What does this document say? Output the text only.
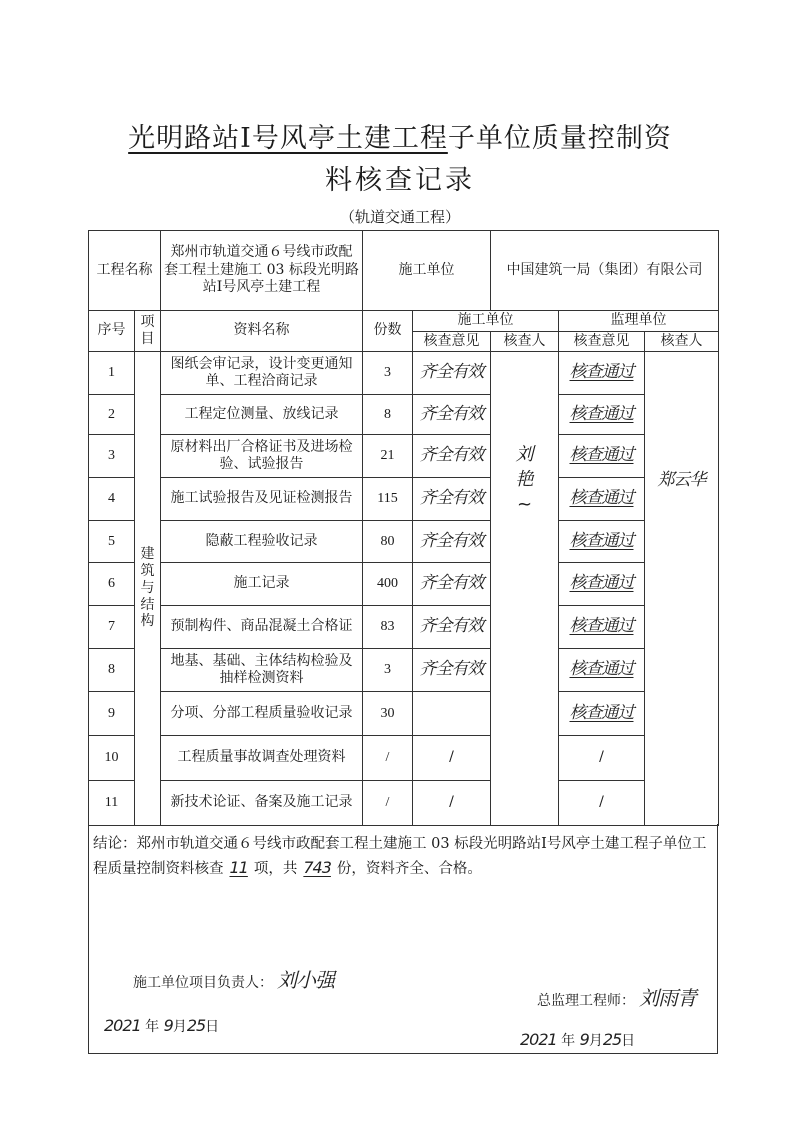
光明路站Ⅰ号风亭土建工程子单位质量控制资
料核查记录
（轨道交通工程）
工程名称		郑州市轨道交通６号线市政配套工程土建施工 03 标段光明路站Ⅰ号风亭土建工程	施工单位		中国建筑一局（集团）有限公司		
序号	项目	资料名称	份数	施工单位		监理单位	
				核查意见	核查人	核查意见	核查人
1	建筑与结构	图纸会审记录，设计变更通知单、工程洽商记录	3	齐全有效	刘 艳 ~	核查通过	郑云华
2		工程定位测量、放线记录	8	齐全有效		核查通过	
3		原材料出厂合格证书及进场检验、试验报告	21	齐全有效		核查通过	
4		施工试验报告及见证检测报告	115	齐全有效		核查通过	
5		隐蔽工程验收记录	80	齐全有效		核查通过	
6		施工记录	400	齐全有效		核查通过	
7		预制构件、商品混凝土合格证	83	齐全有效		核查通过	
8		地基、基础、主体结构检验及抽样检测资料	3	齐全有效		核查通过	
9		分项、分部工程质量验收记录	30			核查通过	
10		工程质量事故调查处理资料	/	/		/	
11		新技术论证、备案及施工记录	/	/		/	
结论：郑州市轨道交通６号线市政配套工程土建施工 03 标段光明路站Ⅰ号风亭土建工程子单位工程质量控制资料核查 11 项，共 743 份，资料齐全、合格。
施工单位项目负责人： 刘小强
总监理工程师： 刘雨青
2021 年 9月25日
2021 年 9月25日
